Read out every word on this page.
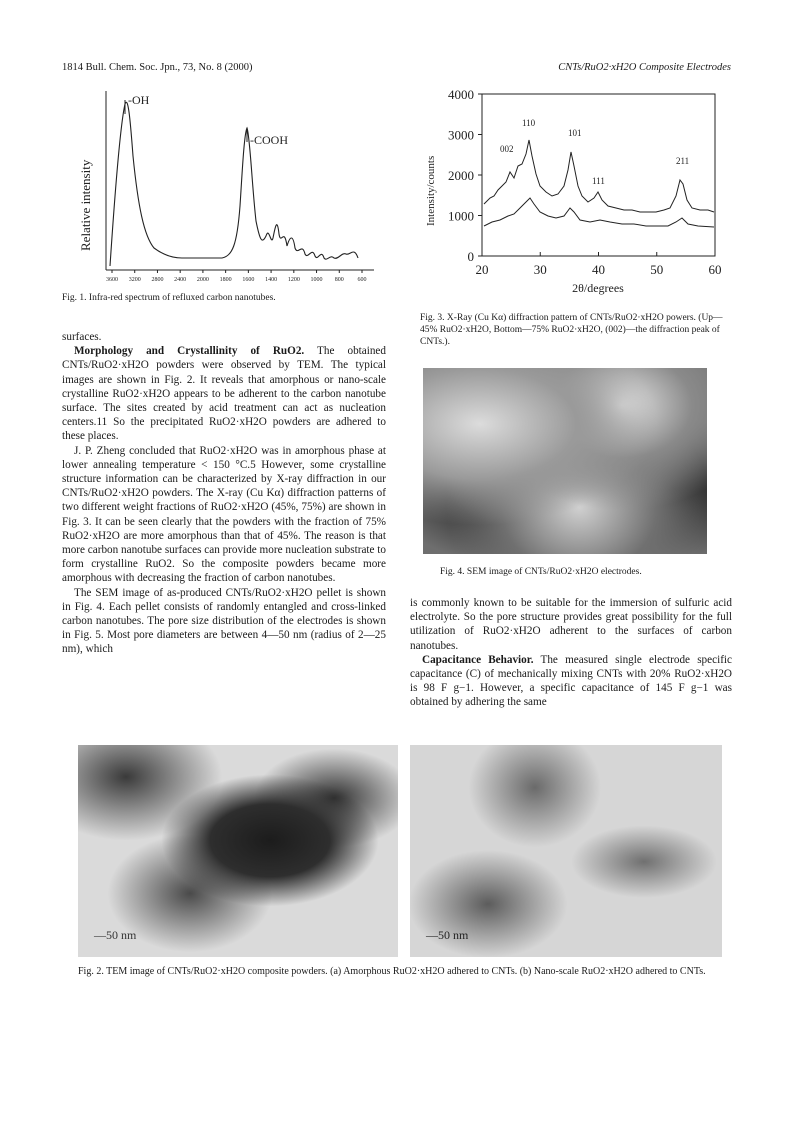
1814 Bull. Chem. Soc. Jpn., 73, No. 8 (2000)	CNTs/RuO2·xH2O Composite Electrodes
Relative intensity
-OH
-COOH
3600 3200 2800 2400 2000 1800 1600 1400 1200 1000 800 600
Fig. 1. Infra-red spectrum of refluxed carbon nanotubes.
Intensity/counts
0
1000
2000
3000
4000
20	30	40	50	60
002
110
101
111
211
2θ/degrees
Fig. 3. X-Ray (Cu Kα) diffraction pattern of CNTs/RuO2·xH2O powers. (Up—45% RuO2·xH2O, Bottom—75% RuO2·xH2O, (002)—the diffraction peak of CNTs.).
Fig. 4. SEM image of CNTs/RuO2·xH2O electrodes.

surfaces.

Morphology and Crystallinity of RuO2. The obtained CNTs/RuO2·xH2O powders were observed by TEM. The typical images are shown in Fig. 2. It reveals that amorphous or nano-scale crystalline RuO2·xH2O appears to be adherent to the carbon nanotube surface. The sites created by acid treatment can act as nucleation centers.11 So the precipitated RuO2·xH2O powders are adhered to these places.

J. P. Zheng concluded that RuO2·xH2O was in amorphous phase at lower annealing temperature < 150 °C.5 However, some crystalline structure information can be characterized by X-ray diffraction in our CNTs/RuO2·xH2O powders. The X-ray (Cu Kα) diffraction patterns of two different weight fractions of RuO2·xH2O (45%, 75%) are shown in Fig. 3. It can be seen clearly that the powders with the fraction of 75% RuO2·xH2O are more amorphous than that of 45%. The reason is that more carbon nanotube surfaces can provide more nucleation substrate to form crystalline RuO2. So the composite powders became more amorphous with decreasing the fraction of carbon nanotubes.

The SEM image of as-produced CNTs/RuO2·xH2O pellet is shown in Fig. 4. Each pellet consists of randomly entangled and cross-linked carbon nanotubes. The pore size distribution of the electrodes is shown in Fig. 5. Most pore diameters are between 4—50 nm (radius of 2—25 nm), which

is commonly known to be suitable for the immersion of sulfuric acid electrolyte. So the pore structure provides great possibility for the full utilization of RuO2·xH2O adherent to the surfaces of carbon nanotubes.

Capacitance Behavior. The measured single electrode specific capacitance (C) of mechanically mixing CNTs with 20% RuO2·xH2O is 98 F g−1. However, a specific capacitance of 145 F g−1 was obtained by adhering the same

—50 nm	—50 nm
Fig. 2. TEM image of CNTs/RuO2·xH2O composite powders. (a) Amorphous RuO2·xH2O adhered to CNTs. (b) Nano-scale RuO2·xH2O adhered to CNTs.
